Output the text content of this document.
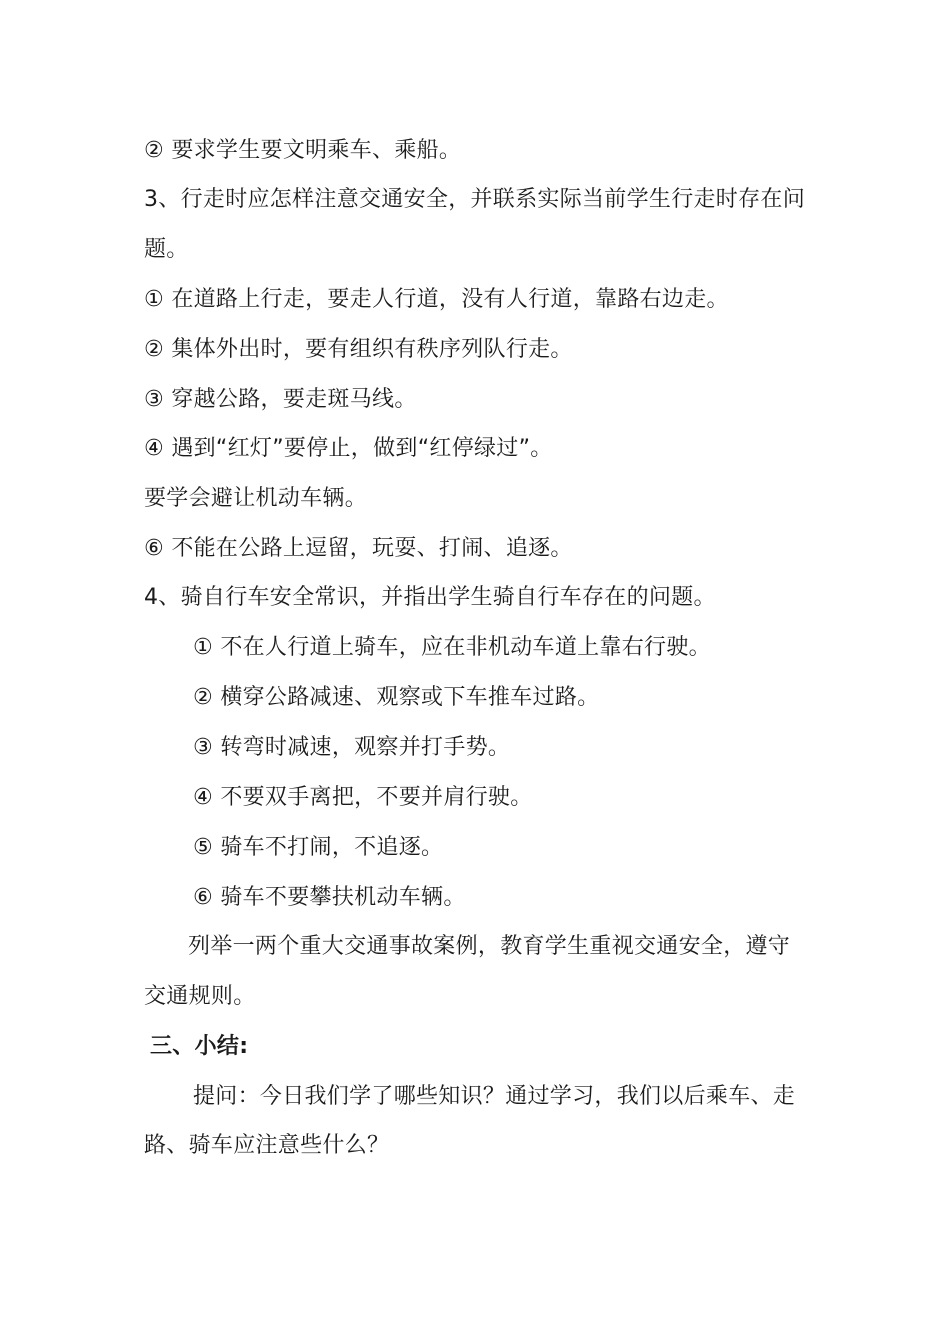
② 要求学生要文明乘车、乘船。
3、行走时应怎样注意交通安全，并联系实际当前学生行走时存在问
题。
① 在道路上行走，要走人行道，没有人行道，靠路右边走。
② 集体外出时，要有组织有秩序列队行走。
③ 穿越公路，要走斑马线。
④ 遇到“红灯”要停止，做到“红停绿过”。
要学会避让机动车辆。
⑥ 不能在公路上逗留，玩耍、打闹、追逐。
4、骑自行车安全常识，并指出学生骑自行车存在的问题。
① 不在人行道上骑车，应在非机动车道上靠右行驶。
② 横穿公路减速、观察或下车推车过路。
③ 转弯时减速，观察并打手势。
④ 不要双手离把，不要并肩行驶。
⑤ 骑车不打闹，不追逐。
⑥ 骑车不要攀扶机动车辆。
列举一两个重大交通事故案例，教育学生重视交通安全，遵守
交通规则。
三、小结:
提问：今日我们学了哪些知识？通过学习，我们以后乘车、走
路、骑车应注意些什么？
